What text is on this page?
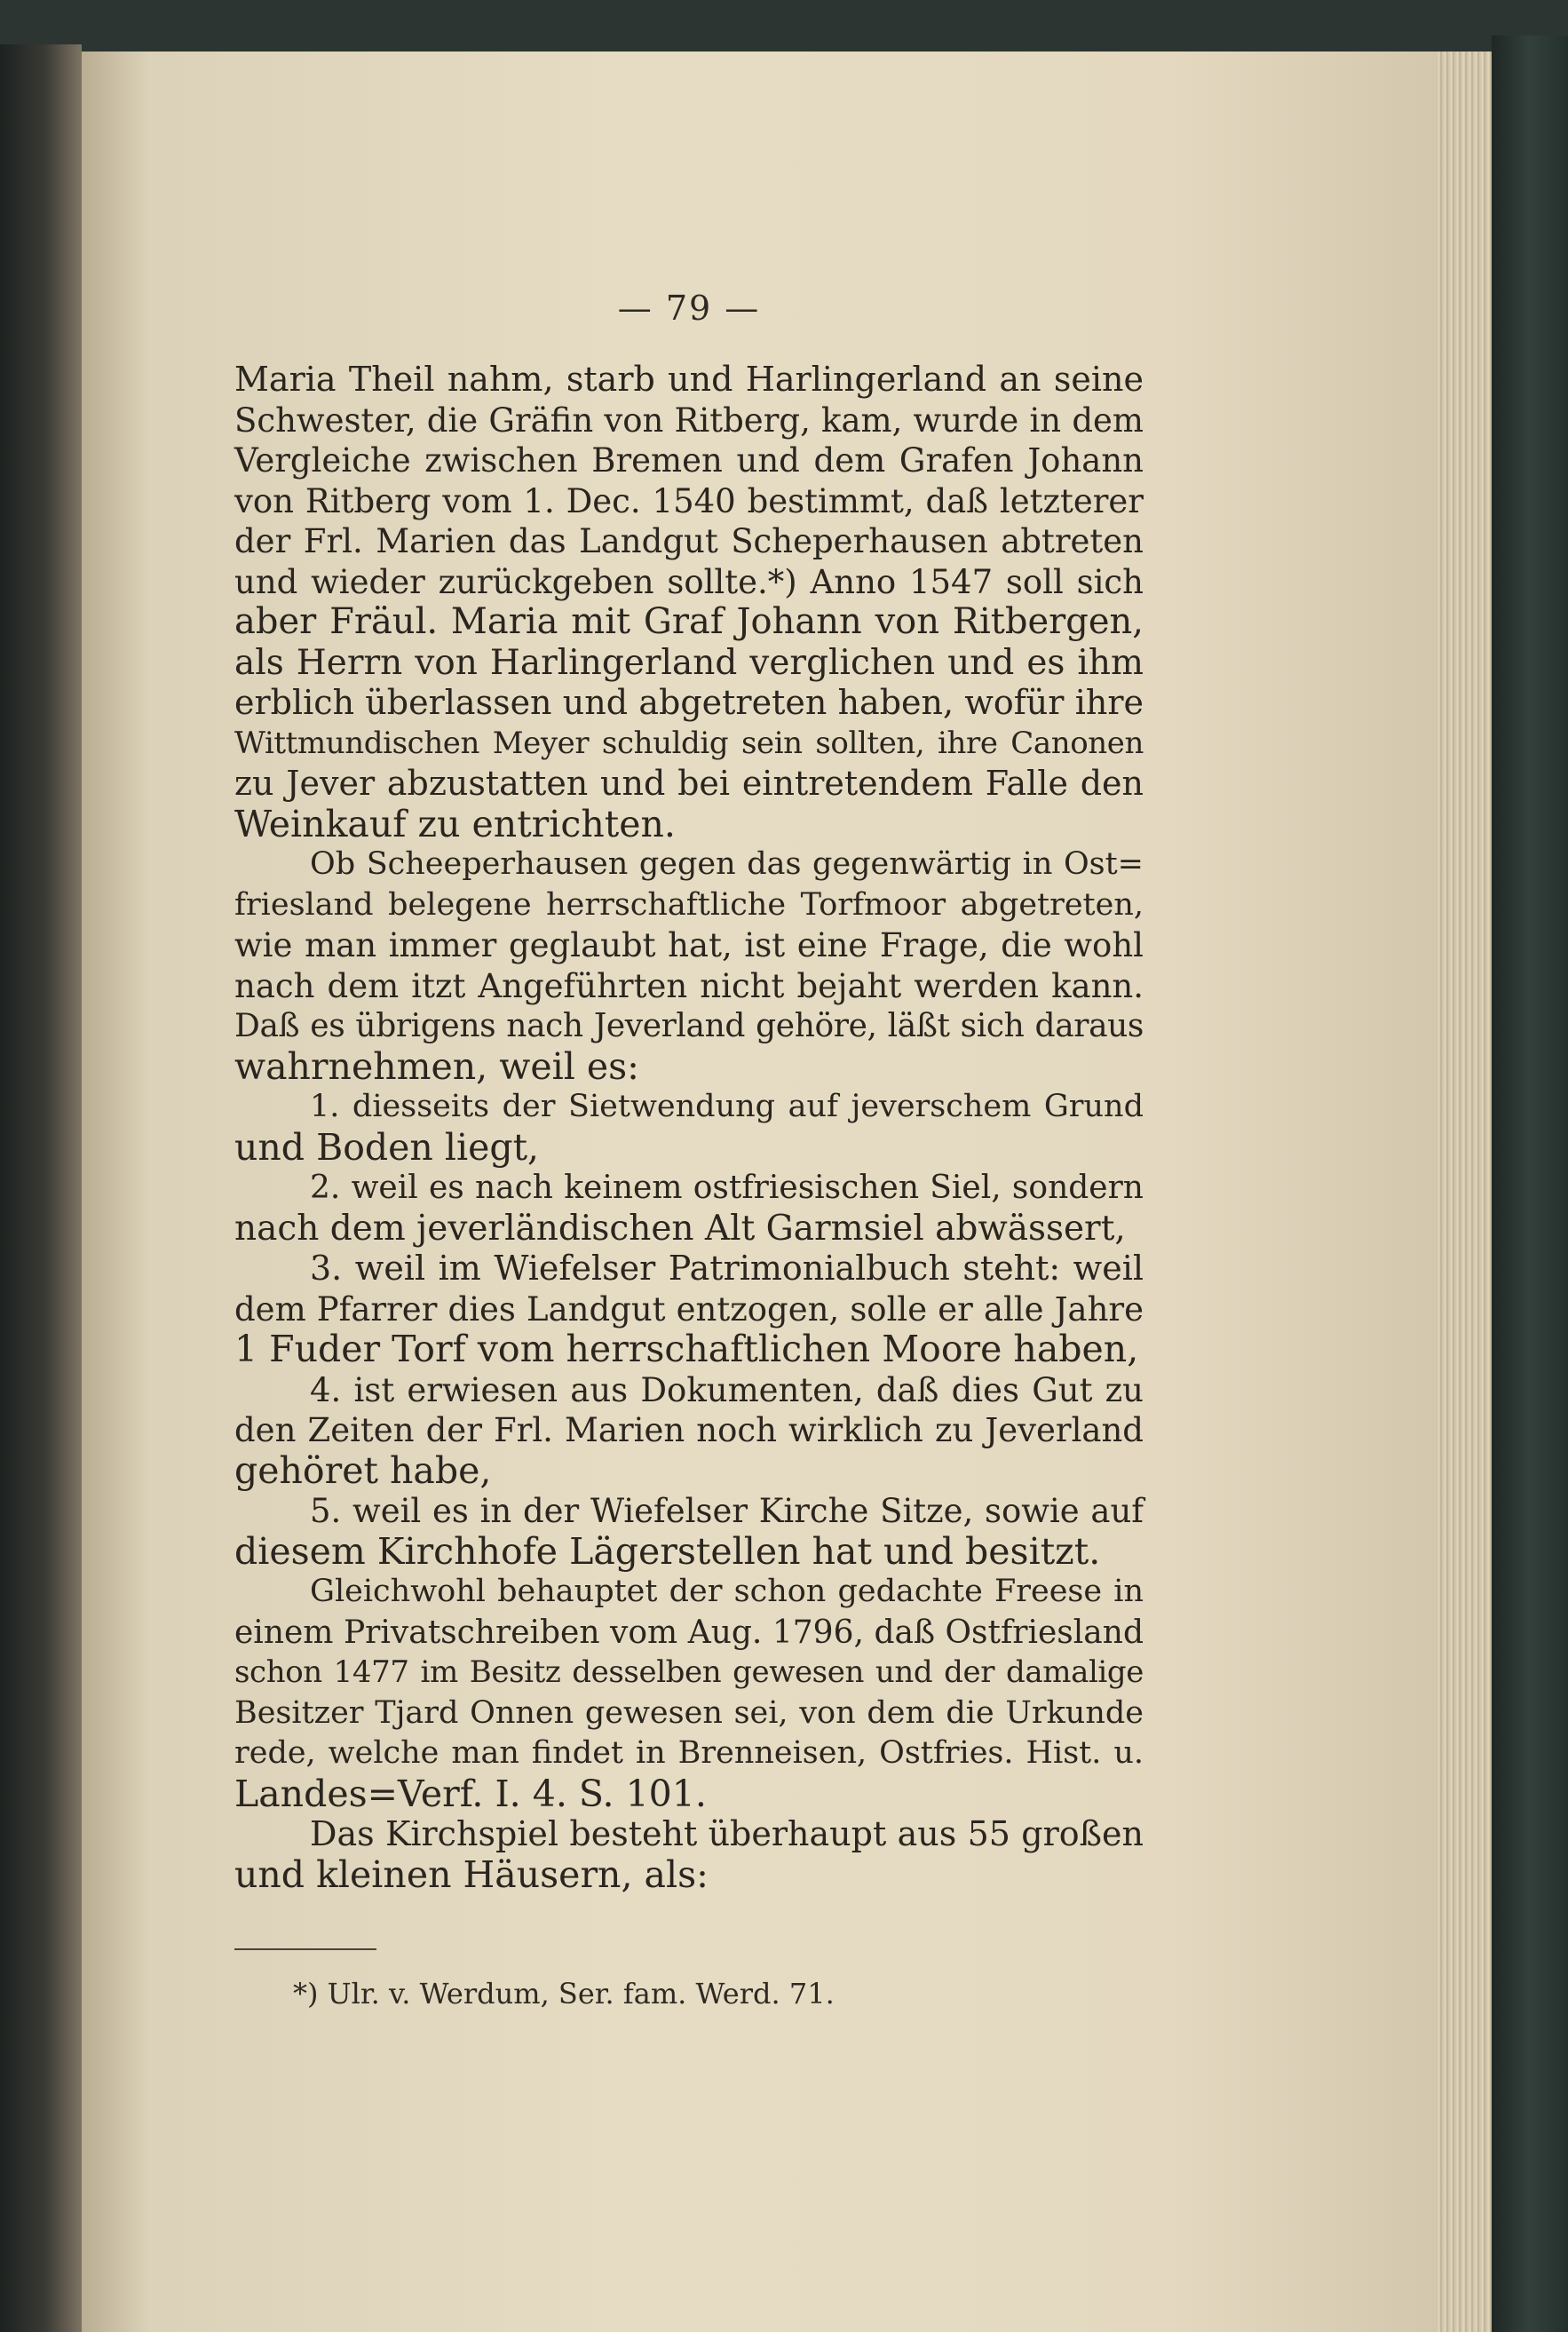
— 79 —
Maria Theil nahm, starb und Harlingerland an seine
Schwester, die Gräfin von Ritberg, kam, wurde in dem
Vergleiche zwischen Bremen und dem Grafen Johann
von Ritberg vom 1. Dec. 1540 bestimmt, daß letzterer
der Frl. Marien das Landgut Scheperhausen abtreten
und wieder zurückgeben sollte.*) Anno 1547 soll sich
aber Fräul. Maria mit Graf Johann von Ritbergen,
als Herrn von Harlingerland verglichen und es ihm
erblich überlassen und abgetreten haben, wofür ihre
Wittmundischen Meyer schuldig sein sollten, ihre Canonen
zu Jever abzustatten und bei eintretendem Falle den
Weinkauf zu entrichten.
Ob Scheeperhausen gegen das gegenwärtig in Ost=
friesland belegene herrschaftliche Torfmoor abgetreten,
wie man immer geglaubt hat, ist eine Frage, die wohl
nach dem itzt Angeführten nicht bejaht werden kann.
Daß es übrigens nach Jeverland gehöre, läßt sich daraus
wahrnehmen, weil es:
1. diesseits der Sietwendung auf jeverschem Grund
und Boden liegt,
2. weil es nach keinem ostfriesischen Siel, sondern
nach dem jeverländischen Alt Garmsiel abwässert,
3. weil im Wiefelser Patrimonialbuch steht: weil
dem Pfarrer dies Landgut entzogen, solle er alle Jahre
1 Fuder Torf vom herrschaftlichen Moore haben,
4. ist erwiesen aus Dokumenten, daß dies Gut zu
den Zeiten der Frl. Marien noch wirklich zu Jeverland
gehöret habe,
5. weil es in der Wiefelser Kirche Sitze, sowie auf
diesem Kirchhofe Lägerstellen hat und besitzt.
Gleichwohl behauptet der schon gedachte Freese in
einem Privatschreiben vom Aug. 1796, daß Ostfriesland
schon 1477 im Besitz desselben gewesen und der damalige
Besitzer Tjard Onnen gewesen sei, von dem die Urkunde
rede, welche man findet in Brenneisen, Ostfries. Hist. u.
Landes=Verf. I. 4. S. 101.
Das Kirchspiel besteht überhaupt aus 55 großen
und kleinen Häusern, als:
*) Ulr. v. Werdum, Ser. fam. Werd. 71.
